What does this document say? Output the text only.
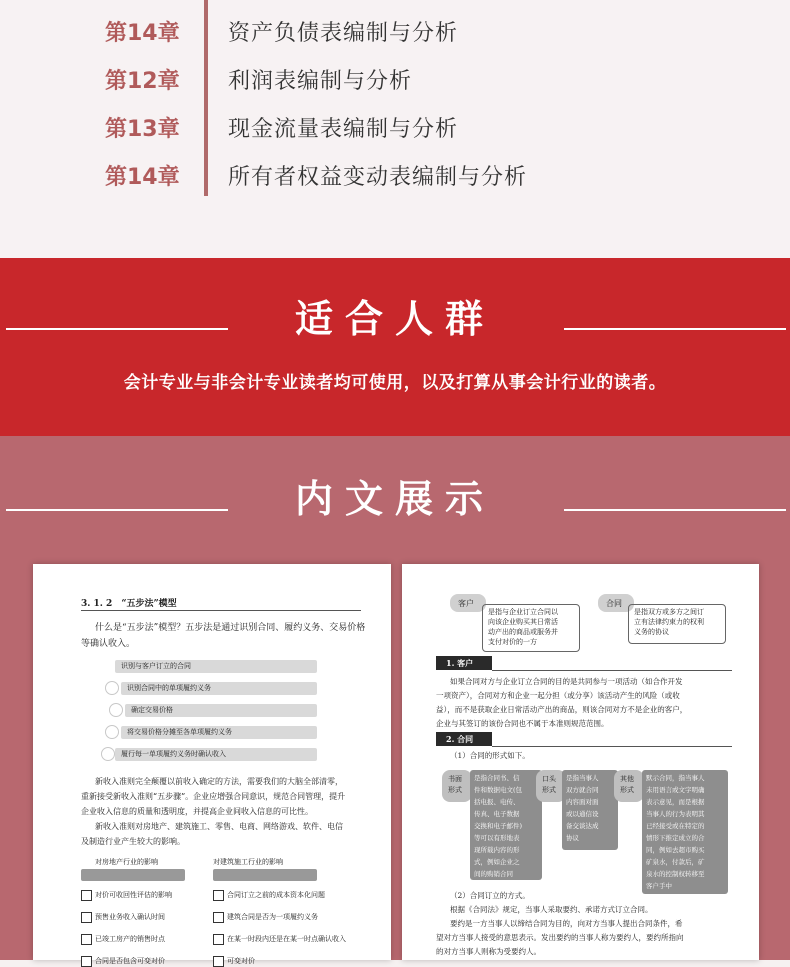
第14章	资产负债表编制与分析
第12章	利润表编制与分析
第13章	现金流量表编制与分析
第14章	所有者权益变动表编制与分析
适合人群
会计专业与非会计专业读者均可使用，以及打算从事会计行业的读者。
内文展示
3. 1. 2　“五步法”模型
什么是“五步法”模型？五步法是通过识别合同、履约义务、交易价格
等确认收入。
识别与客户订立的合同
识别合同中的单项履约义务
确定交易价格
将交易价格分摊至各单项履约义务
履行每一单项履约义务时确认收入
新收入准则完全颠覆以前收入确定的方法，需要我们的大脑全部清零，
重新接受新收入准则“五步骤”。企业应增强合同意识，规范合同管理，提升
企业收入信息的质量和透明度，并提高企业间收入信息的可比性。
新收入准则对房地产、建筑施工、零售、电商、网络游戏、软件、电信
及制造行业产生较大的影响。
对房地产行业的影响	对建筑施工行业的影响
对价可收回性评估的影响
预售业务收入确认时间
已竣工房产的销售时点
合同是否包含可变对价
合同订立之前的成本资本化问题
建筑合同是否为一项履约义务
在某一时段内还是在某一时点确认收入
可变对价
客户
是指与企业订立合同以
向该企业购买其日常活
动产出的商品或服务并
支付对价的一方
合同
是指双方或多方之间订
立有法律约束力的权利
义务的协议
1. 客户
如果合同对方与企业订立合同的目的是共同参与一项活动（如合作开发
一项资产），合同对方和企业一起分担（或分享）该活动产生的风险（或收
益），而不是获取企业日常活动产出的商品，则该合同对方不是企业的客户，
企业与其签订的该份合同也不属于本准则规范范围。
2. 合同
（1）合同的形式如下。
书面形式
是指合同书、信
件和数据电文(包
括电报、电传、
传真、电子数据
交换和电子邮件)
等可以有形地表
现所载内容的形
式，例如企业之
间的购销合同
口头形式
是指当事人
双方就合同
内容面对面
或以通信设
备交谈达成
协议
其他形式
默示合同，指当事人
未用语言或文字明确
表示意见，而是根据
当事人的行为表明其
已经接受或在特定的
情形下推定成立的合
同，例如去超市购买
矿泉水，付款后，矿
泉水的控制权转移至
客户手中
（2）合同订立的方式。
根据《合同法》规定，当事人采取要约、承诺方式订立合同。
要约是一方当事人以缔结合同为目的，向对方当事人提出合同条件，希
望对方当事人接受的意思表示。发出要约的当事人称为要约人，要约所指向
的对方当事人则称为受要约人。
